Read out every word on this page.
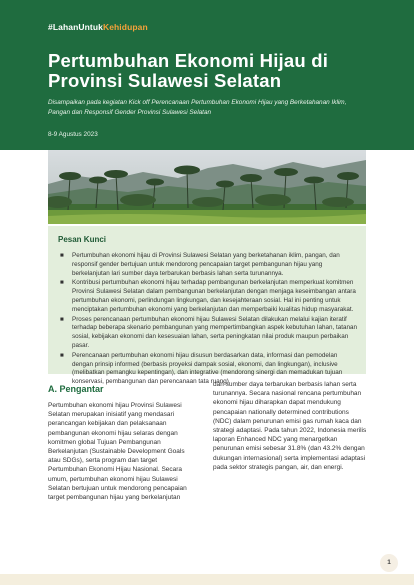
#LahanUntukKehidupan
Pertumbuhan Ekonomi Hijau di Provinsi Sulawesi Selatan
Disampaikan pada kegiatan Kick off Perencanaan Pertumbuhan Ekonomi Hijau yang Berketahanan Iklim, Pangan dan Responsif Gender Provinsi Sulawesi Selatan
8-9 Agustus 2023
Pesan Kunci
■ Pertumbuhan ekonomi hijau di Provinsi Sulawesi Selatan yang berketahanan iklim, pangan, dan responsif gender bertujuan untuk mendorong pencapaian target pembangunan hijau yang berkelanjutan lari sumber daya terbarukan berbasis lahan serta turunannya.
■ Kontribusi pertumbuhan ekonomi hijau terhadap pembangunan berkelanjutan memperkuat komitmen Provinsi Sulawesi Selatan dalam pembangunan berkelanjutan dengan menjaga keseimbangan antara pertumbuhan ekonomi, perlindungan lingkungan, dan kesejahteraan sosial. Hal ini penting untuk menciptakan pertumbuhan ekonomi yang berkelanjutan dan memperbaiki kualitas hidup masyarakat.
■ Proses perencanaan pertumbuhan ekonomi hijau Sulawesi Selatan dilakukan melalui kajian iteratif terhadap beberapa skenario pembangunan yang mempertimbangkan aspek kebutuhan lahan, tatanan sosial, kebijakan ekonomi dan kesesuaian lahan, serta peningkatan nilai produk maupun perbaikan pasar.
■ Perencanaan pertumbuhan ekonomi hijau disusun berdasarkan data, informasi dan pemodelan dengan prinsip informed (berbasis proyeksi dampak sosial, ekonomi, dan lingkungan), inclusive (melibatkan pemangku kepentingan), dan integrative (mendorong sinergi dan memadukan tujuan konservasi, pembangunan dan perencanaan tata ruang).
A. Pengantar
Pertumbuhan ekonomi hijau Provinsi Sulawesi Selatan merupakan inisiatif yang mendasari perancangan kebijakan dan pelaksanaan pembangunan ekonomi hijau selaras dengan komitmen global Tujuan Pembangunan Berkelanjutan (Sustainable Development Goals atau SDGs), serta program dan target Pertumbuhan Ekonomi Hijau Nasional. Secara umum, pertumbuhan ekonomi hijau Sulawesi Selatan bertujuan untuk mendorong pencapaian target pembangunan hijau yang berkelanjutan
dari sumber daya terbarukan berbasis lahan serta turunannya. Secara nasional rencana pertumbuhan ekonomi hijau diharapkan dapat mendukung pencapaian nationally determined contributions (NDC) dalam penurunan emisi gas rumah kaca dan strategi adaptasi. Pada tahun 2022, Indonesia merilis laporan Enhanced NDC yang menargetkan penurunan emisi sebesar 31.8% (dan 43.2% dengan dukungan internasional) serta implementasi adaptasi pada sektor strategis pangan, air, dan energi.
1
